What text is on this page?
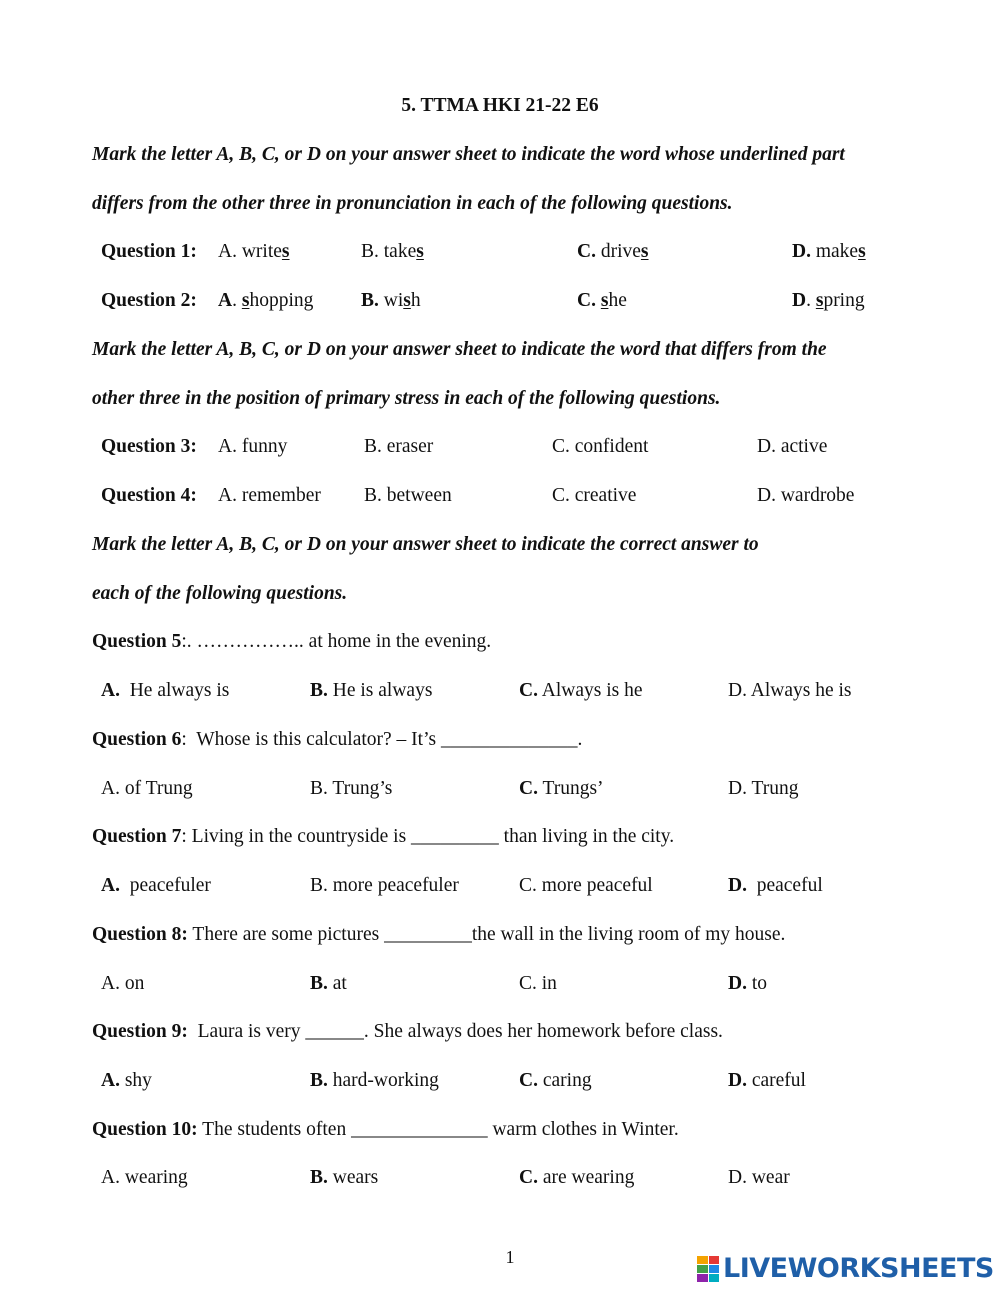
5. TTMA HKI 21-22 E6
Mark the letter A, B, C, or D on your answer sheet to indicate the word whose underlined part
differs from the other three in pronunciation in each of the following questions.
Question 1: A. writes	B. takes	C. drives	D. makes
Question 2: A. shopping B. wish	C. she	D. spring
Mark the letter A, B, C, or D on your answer sheet to indicate the word that differs from the
other three in the position of primary stress in each of the following questions.
Question 3: A. funny	B. eraser	C. confident	D. active
Question 4: A. remember B. between	C. creative	D. wardrobe
Mark the letter A, B, C, or D on your answer sheet to indicate the correct answer to
each of the following questions.
Question 5:. …………….. at home in the evening.
A.  He always is	B. He is always	C. Always is he	D. Always he is
Question 6:  Whose is this calculator? – It’s ______________.
A. of Trung	B. Trung’s	C. Trungs’	D. Trung
Question 7: Living in the countryside is _________ than living in the city.
A.  peacefuler	B. more peacefuler	C. more peaceful	D.  peaceful
Question 8: There are some pictures _________the wall in the living room of my house.
A. on	B. at	C. in	D. to
Question 9:  Laura is very ______. She always does her homework before class.
A. shy	B. hard-working	C. caring	D. careful
Question 10: The students often ______________ warm clothes in Winter.
A. wearing	B. wears	C. are wearing	D. wear
1	LIVEWORKSHEETS
